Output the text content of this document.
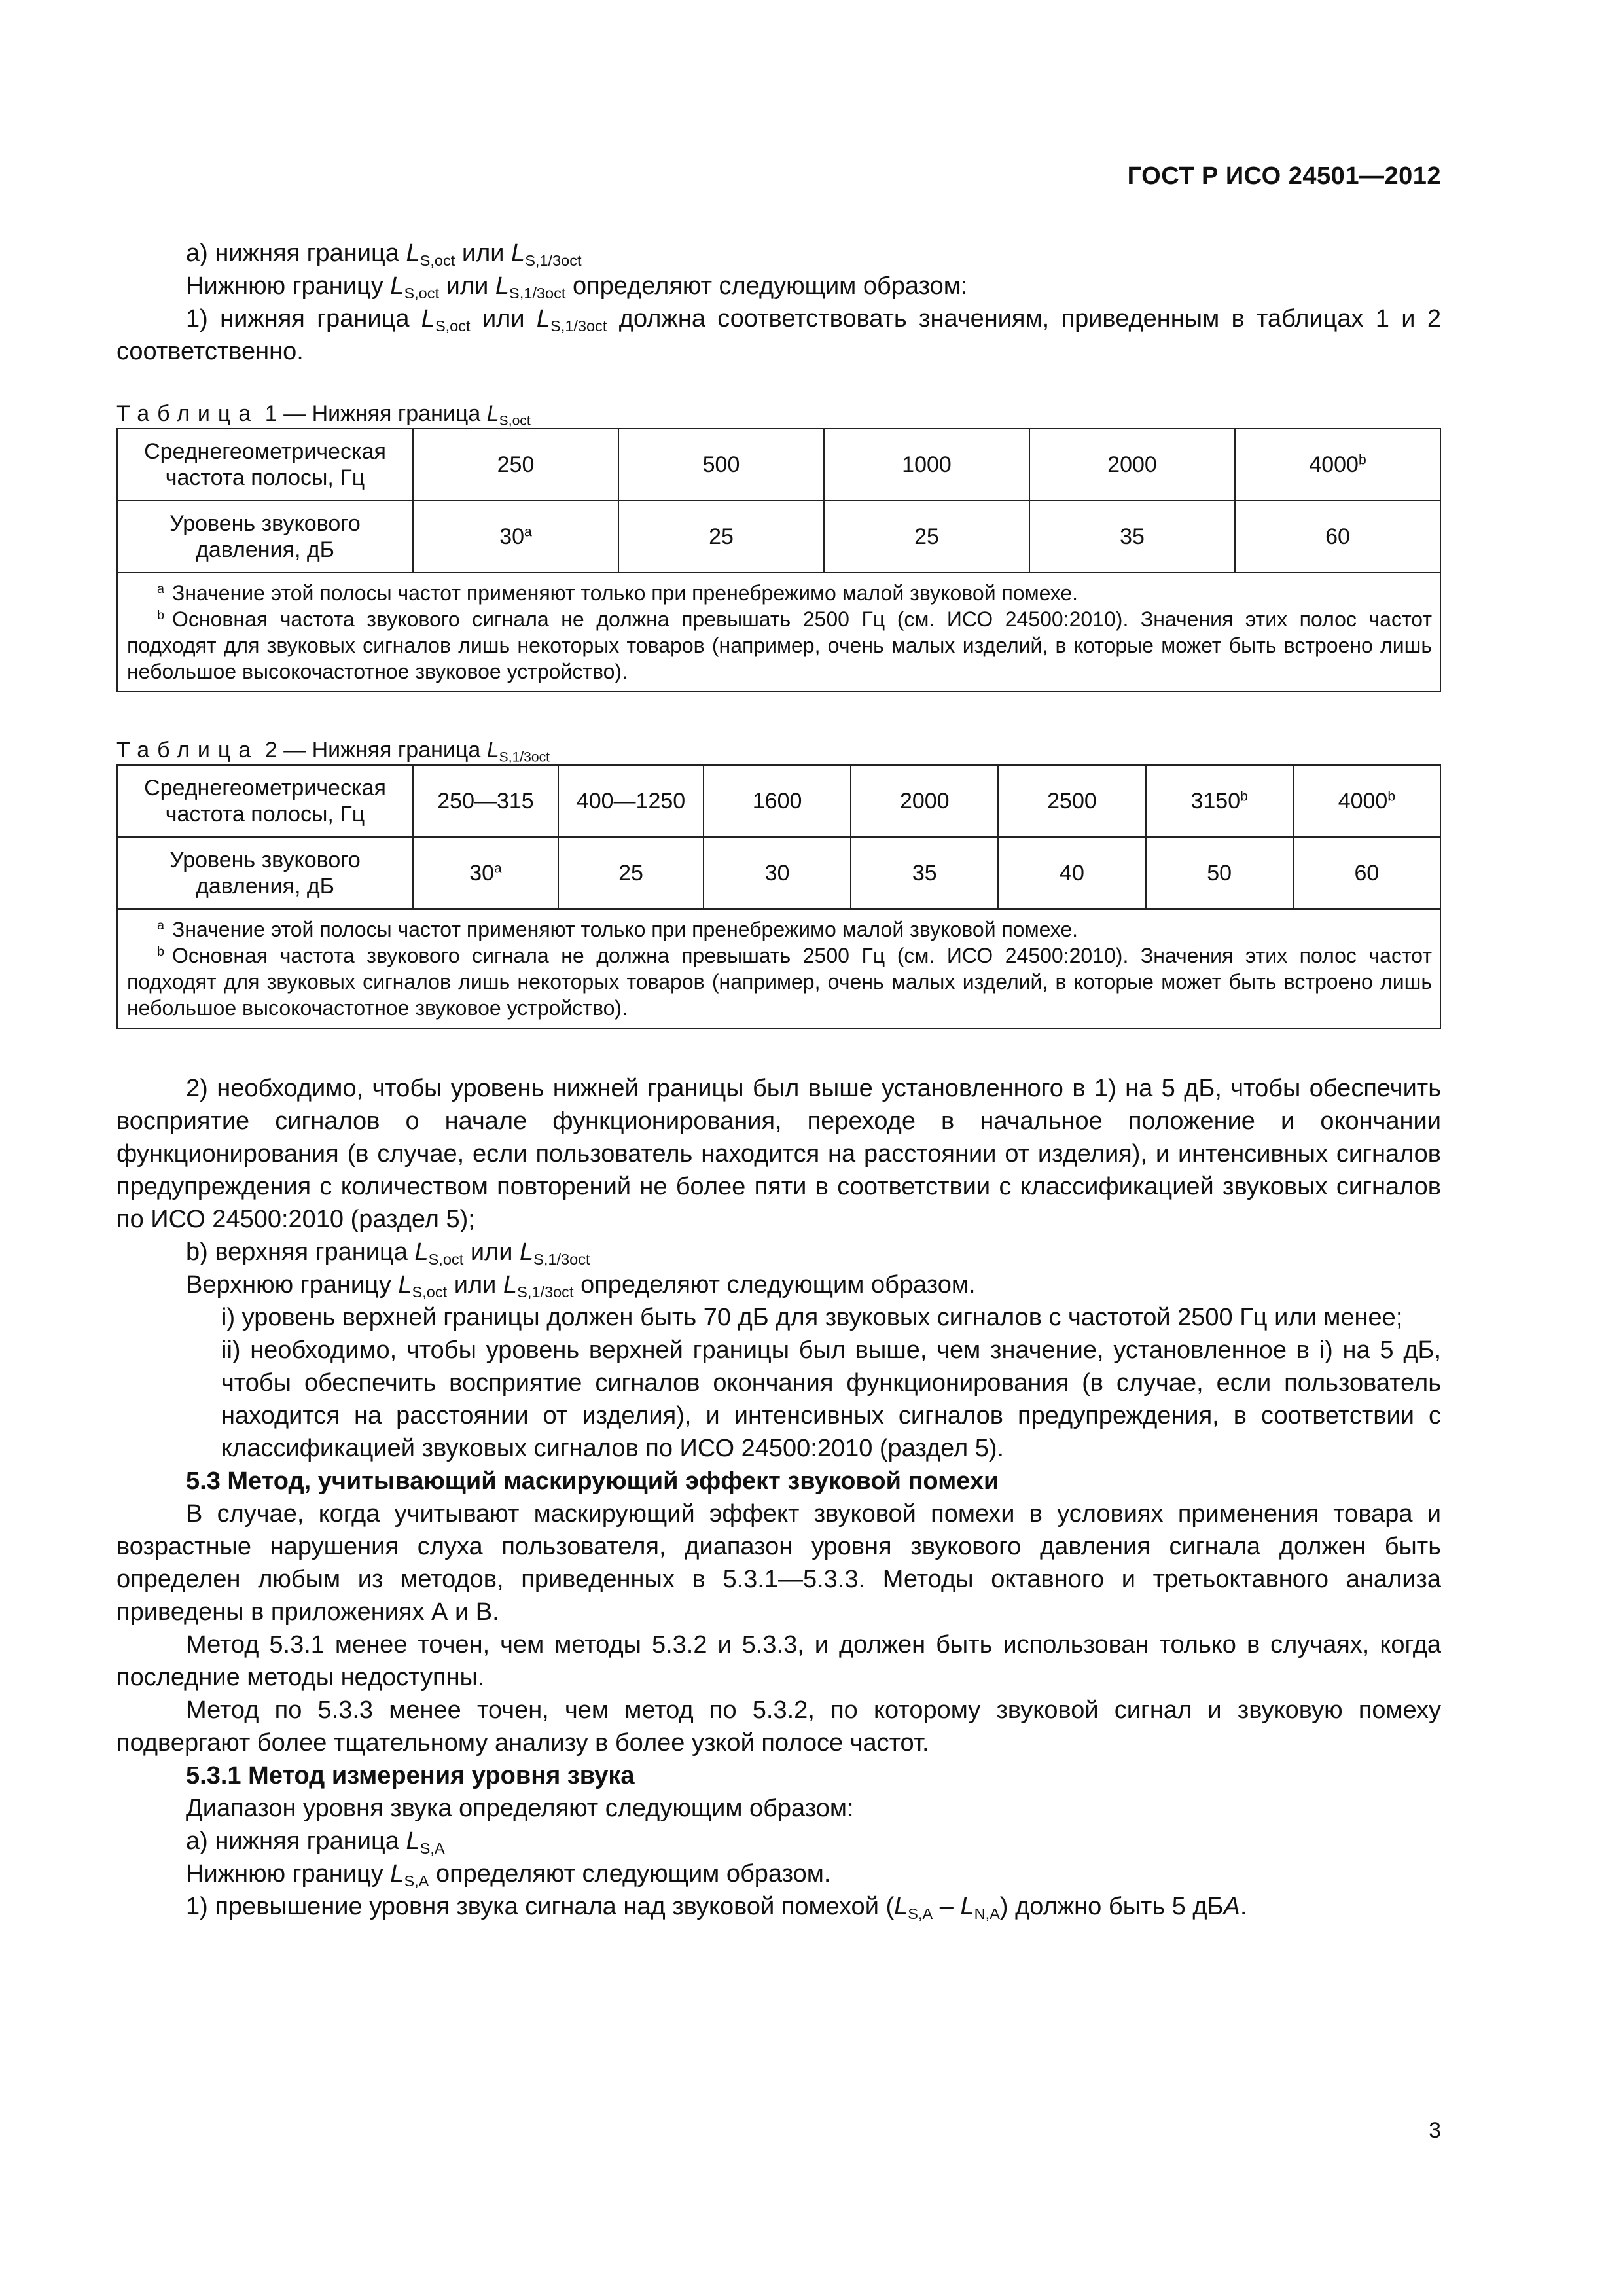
ГОСТ Р ИСО 24501—2012

a) нижняя граница $L_{S,oct}$ или $L_{S,1/3oct}$

Нижнюю границу $L_{S,oct}$ или $L_{S,1/3oct}$ определяют следующим образом:

1) нижняя граница $L_{S,oct}$ или $L_{S,1/3oct}$ должна соответствовать значениям, приведенным в таблицах 1 и 2 соответственно.

Таблица 1 — Нижняя граница $L_{S,oct}$

Среднегеометрическая частота полосы, Гц	250	500	1000	2000	4000$^b$
Уровень звукового давления, дБ	30$^a$	25	25	35	60

$^a$ Значение этой полосы частот применяют только при пренебрежимо малой звуковой помехе.
$^b$ Основная частота звукового сигнала не должна превышать 2500 Гц (см. ИСО 24500:2010). Значения этих полос частот подходят для звуковых сигналов лишь некоторых товаров (например, очень малых изделий, в которые может быть встроено лишь небольшое высокочастотное звуковое устройство).					

Таблица 2 — Нижняя граница $L_{S,1/3oct}$

Среднегеометрическая частота полосы, Гц	250—315	400—1250	1600	2000	2500	3150$^b$	4000$^b$
Уровень звукового давления, дБ	30$^a$	25	30	35	40	50	60

$^a$ Значение этой полосы частот применяют только при пренебрежимо малой звуковой помехе.
$^b$ Основная частота звукового сигнала не должна превышать 2500 Гц (см. ИСО 24500:2010). Значения этих полос частот подходят для звуковых сигналов лишь некоторых товаров (например, очень малых изделий, в которые может быть встроено лишь небольшое высокочастотное звуковое устройство).							

2) необходимо, чтобы уровень нижней границы был выше установленного в 1) на 5 дБ, чтобы обеспечить восприятие сигналов о начале функционирования, переходе в начальное положение и окончании функционирования (в случае, если пользователь находится на расстоянии от изделия), и интенсивных сигналов предупреждения с количеством повторений не более пяти в соответствии с классификацией звуковых сигналов по ИСО 24500:2010 (раздел 5);

b) верхняя граница $L_{S,oct}$ или $L_{S,1/3oct}$

Верхнюю границу $L_{S,oct}$ или $L_{S,1/3oct}$ определяют следующим образом.

i) уровень верхней границы должен быть 70 дБ для звуковых сигналов с частотой 2500 Гц или менее;

ii) необходимо, чтобы уровень верхней границы был выше, чем значение, установленное в i) на 5 дБ, чтобы обеспечить восприятие сигналов окончания функционирования (в случае, если пользователь находится на расстоянии от изделия), и интенсивных сигналов предупреждения, в соответствии с классификацией звуковых сигналов по ИСО 24500:2010 (раздел 5).

5.3 Метод, учитывающий маскирующий эффект звуковой помехи

В случае, когда учитывают маскирующий эффект звуковой помехи в условиях применения товара и возрастные нарушения слуха пользователя, диапазон уровня звукового давления сигнала должен быть определен любым из методов, приведенных в 5.3.1—5.3.3. Методы октавного и третьоктавного анализа приведены в приложениях А и В.

Метод 5.3.1 менее точен, чем методы 5.3.2 и 5.3.3, и должен быть использован только в случаях, когда последние методы недоступны.

Метод по 5.3.3 менее точен, чем метод по 5.3.2, по которому звуковой сигнал и звуковую помеху подвергают более тщательному анализу в более узкой полосе частот.

5.3.1 Метод измерения уровня звука

Диапазон уровня звука определяют следующим образом:

a) нижняя граница $L_{S,A}$

Нижнюю границу $L_{S,A}$ определяют следующим образом.

1) превышение уровня звука сигнала над звуковой помехой $(L_{S,A} - L_{N,A})$ должно быть 5 дБA.

3
